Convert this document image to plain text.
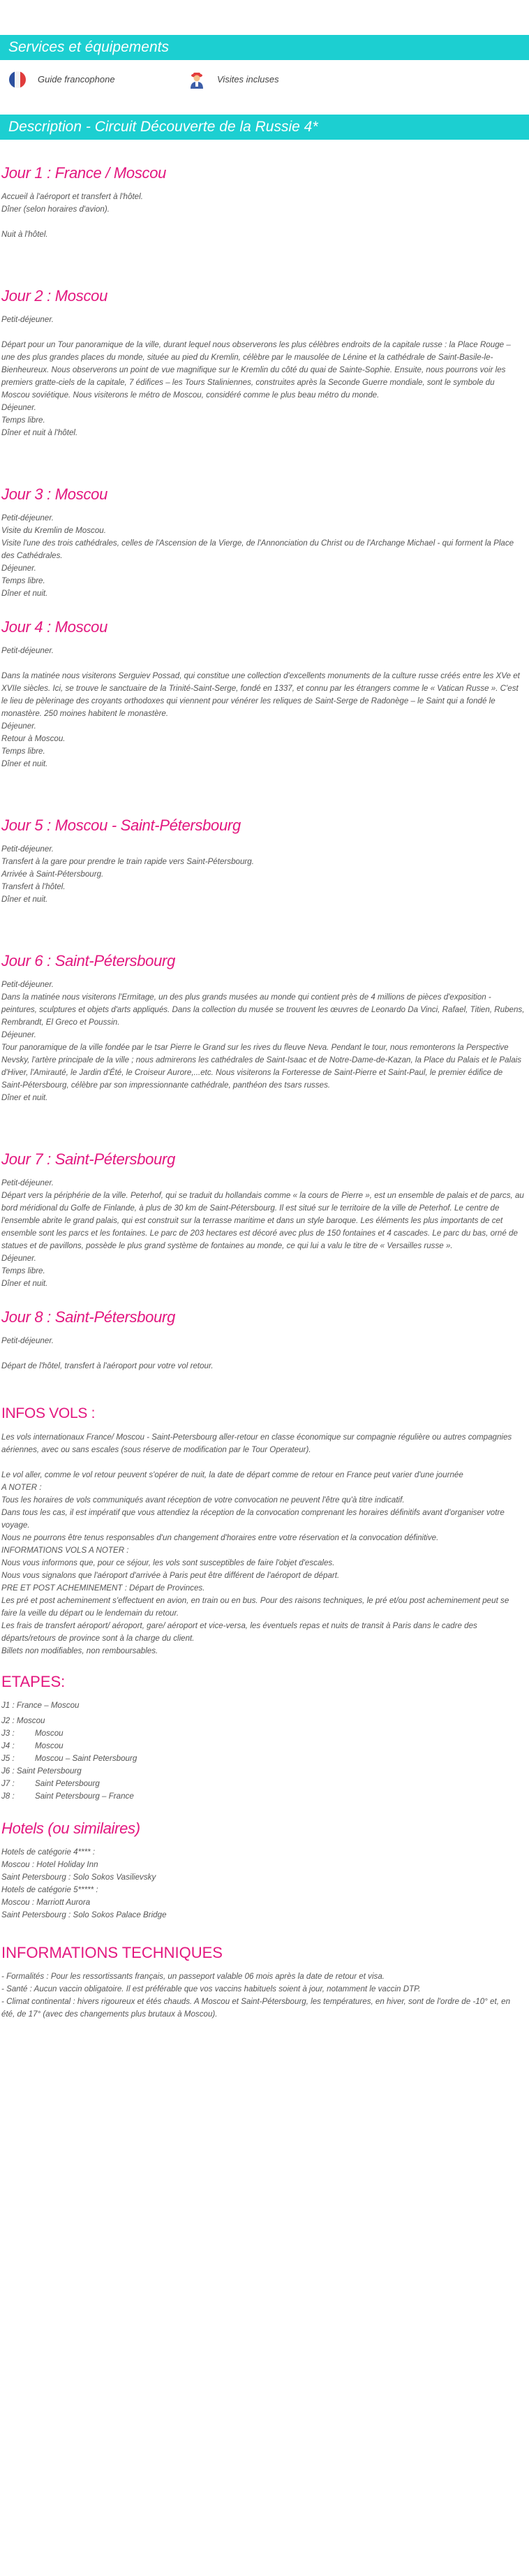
Services et équipements
Guide francophone	Visites incluses
Description - Circuit Découverte de la Russie 4*
Jour 1 : France / Moscou
Accueil à l'aéroport et transfert à l'hôtel.
Dîner (selon horaires d'avion).
Nuit à l'hôtel.
Jour 2 : Moscou
Petit-déjeuner.
Départ pour un Tour panoramique de la ville, durant lequel nous observerons les plus célèbres endroits de la capitale russe : la Place Rouge – une des plus grandes places du monde, située au pied du Kremlin, célèbre par le mausolée de Lénine et la cathédrale de Saint-Basile-le-Bienheureux. Nous observerons un point de vue magnifique sur le Kremlin du côté du quai de Sainte-Sophie. Ensuite, nous pourrons voir les premiers gratte-ciels de la capitale, 7 édifices – les Tours Staliniennes, construites après la Seconde Guerre mondiale, sont le symbole du Moscou soviétique. Nous visiterons le métro de Moscou, considéré comme le plus beau métro du monde.
Déjeuner.
Temps libre.
Dîner et nuit à l'hôtel.
Jour 3 : Moscou
Petit-déjeuner.
Visite du Kremlin de Moscou.
Visite l'une des trois cathédrales, celles de l'Ascension de la Vierge, de l'Annonciation du Christ ou de l'Archange Michael - qui forment la Place des Cathédrales.
Déjeuner.
Temps libre.
Dîner et nuit.
Jour 4 : Moscou
Petit-déjeuner.
Dans la matinée nous visiterons Serguiev Possad, qui constitue une collection d'excellents monuments de la culture russe créés entre les XVe et XVIIe siècles. Ici, se trouve le sanctuaire de la Trinité-Saint-Serge, fondé en 1337, et connu par les étrangers comme le « Vatican Russe ». C'est le lieu de pèlerinage des croyants orthodoxes qui viennent pour vénérer les reliques de Saint-Serge de Radonège – le Saint qui a fondé le monastère. 250 moines habitent le monastère.
Déjeuner.
Retour à Moscou.
Temps libre.
Dîner et nuit.
Jour 5 : Moscou - Saint-Pétersbourg
Petit-déjeuner.
Transfert à la gare pour prendre le train rapide vers Saint-Pétersbourg.
Arrivée à Saint-Pétersbourg.
Transfert à l'hôtel.
Dîner et nuit.
Jour 6 : Saint-Pétersbourg
Petit-déjeuner.
Dans la matinée nous visiterons l'Ermitage, un des plus grands musées au monde qui contient près de 4 millions de pièces d'exposition - peintures, sculptures et objets d'arts appliqués. Dans la collection du musée se trouvent les œuvres de Leonardo Da Vinci, Rafael, Titien, Rubens, Rembrandt, El Greco et Poussin.
Déjeuner.
Tour panoramique de la ville fondée par le tsar Pierre le Grand sur les rives du fleuve Neva. Pendant le tour, nous remonterons la Perspective Nevsky, l'artère principale de la ville ; nous admirerons les cathédrales de Saint-Isaac et de Notre-Dame-de-Kazan, la Place du Palais et le Palais d'Hiver, l'Amirauté, le Jardin d'Été, le Croiseur Aurore,...etc. Nous visiterons la Forteresse de Saint-Pierre et Saint-Paul, le premier édifice de Saint-Pétersbourg, célèbre par son impressionnante cathédrale, panthéon des tsars russes.
Dîner et nuit.
Jour 7 : Saint-Pétersbourg
Petit-déjeuner.
Départ vers la périphérie de la ville. Peterhof, qui se traduit du hollandais comme « la cours de Pierre », est un ensemble de palais et de parcs, au bord méridional du Golfe de Finlande, à plus de 30 km de Saint-Pétersbourg. Il est situé sur le territoire de la ville de Peterhof. Le centre de l'ensemble abrite le grand palais, qui est construit sur la terrasse maritime et dans un style baroque. Les éléments les plus importants de cet ensemble sont les parcs et les fontaines. Le parc de 203 hectares est décoré avec plus de 150 fontaines et 4 cascades. Le parc du bas, orné de statues et de pavillons, possède le plus grand système de fontaines au monde, ce qui lui a valu le titre de « Versailles russe ».
Déjeuner.
Temps libre.
Dîner et nuit.
Jour 8 : Saint-Pétersbourg
Petit-déjeuner.
Départ de l'hôtel, transfert à l'aéroport pour votre vol retour.
INFOS VOLS :
Les vols internationaux France/ Moscou - Saint-Petersbourg aller-retour en classe économique sur compagnie régulière ou autres compagnies aériennes, avec ou sans escales (sous réserve de modification par le Tour Operateur).
Le vol aller, comme le vol retour peuvent s'opérer de nuit, la date de départ comme de retour en France peut varier d'une journée
A NOTER :
Tous les horaires de vols communiqués avant réception de votre convocation ne peuvent l'être qu'à titre indicatif.
Dans tous les cas, il est impératif que vous attendiez la réception de la convocation comprenant les horaires définitifs avant d'organiser votre voyage.
Nous ne pourrons être tenus responsables d'un changement d'horaires entre votre réservation et la convocation définitive.
INFORMATIONS VOLS A NOTER :
Nous vous informons que, pour ce séjour, les vols sont susceptibles de faire l'objet d'escales.
Nous vous signalons que l'aéroport d'arrivée à Paris peut être différent de l'aéroport de départ.
PRE ET POST ACHEMINEMENT : Départ de Provinces.
Les pré et post acheminement s'effectuent en avion, en train ou en bus. Pour des raisons techniques, le pré et/ou post acheminement peut se faire la veille du départ ou le lendemain du retour.
Les frais de transfert aéroport/ aéroport, gare/ aéroport et vice-versa, les éventuels repas et nuits de transit à Paris dans le cadre des départs/retours de province sont à la charge du client.
Billets non modifiables, non remboursables.
ETAPES:
J1 : France – Moscou
J2 : Moscou
J3 :	Moscou
J4 :	Moscou
J5 :	Moscou – Saint Petersbourg
J6 : Saint Petersbourg
J7 :	Saint Petersbourg
J8 :	Saint Petersbourg – France
Hotels (ou similaires)
Hotels de catégorie 4**** :
Moscou : Hotel Holiday Inn
Saint Petersbourg : Solo Sokos Vasilievsky
Hotels de catégorie 5***** :
Moscou : Marriott Aurora
Saint Petersbourg : Solo Sokos Palace Bridge
INFORMATIONS TECHNIQUES
- Formalités : Pour les ressortissants français, un passeport valable 06 mois après la date de retour et visa.
- Santé : Aucun vaccin obligatoire. Il est préférable que vos vaccins habituels soient à jour, notamment le vaccin DTP.
- Climat continental : hivers rigoureux et étés chauds. A Moscou et Saint-Pétersbourg, les températures, en hiver, sont de l'ordre de -10° et, en été, de 17° (avec des changements plus brutaux à Moscou).
